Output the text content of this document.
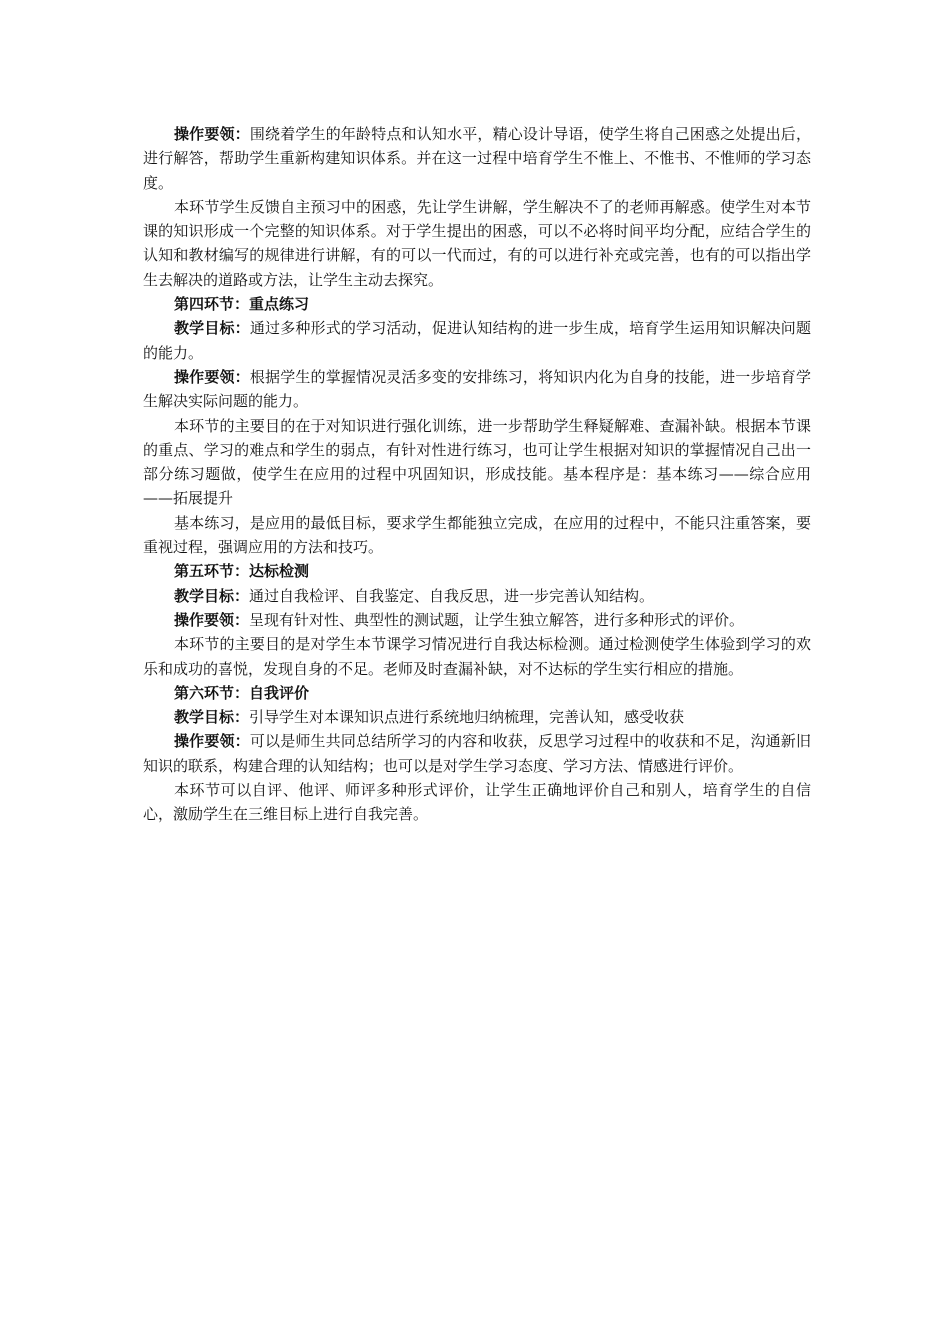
操作要领：围绕着学生的年龄特点和认知水平，精心设计导语，使学生将自己困惑之处提出后，进行解答，帮助学生重新构建知识体系。并在这一过程中培育学生不惟上、不惟书、不惟师的学习态度。

本环节学生反馈自主预习中的困惑，先让学生讲解，学生解决不了的老师再解惑。使学生对本节课的知识形成一个完整的知识体系。对于学生提出的困惑，可以不必将时间平均分配，应结合学生的认知和教材编写的规律进行讲解，有的可以一代而过，有的可以进行补充或完善，也有的可以指出学生去解决的道路或方法，让学生主动去探究。

第四环节：重点练习

教学目标：通过多种形式的学习活动，促进认知结构的进一步生成，培育学生运用知识解决问题的能力。

操作要领：根据学生的掌握情况灵活多变的安排练习，将知识内化为自身的技能，进一步培育学生解决实际问题的能力。

本环节的主要目的在于对知识进行强化训练，进一步帮助学生释疑解难、查漏补缺。根据本节课的重点、学习的难点和学生的弱点，有针对性进行练习，也可让学生根据对知识的掌握情况自己出一部分练习题做，使学生在应用的过程中巩固知识，形成技能。基本程序是：基本练习——综合应用——拓展提升

基本练习，是应用的最低目标，要求学生都能独立完成，在应用的过程中，不能只注重答案，要重视过程，强调应用的方法和技巧。

第五环节：达标检测

教学目标：通过自我检评、自我鉴定、自我反思，进一步完善认知结构。

操作要领：呈现有针对性、典型性的测试题，让学生独立解答，进行多种形式的评价。

本环节的主要目的是对学生本节课学习情况进行自我达标检测。通过检测使学生体验到学习的欢乐和成功的喜悦，发现自身的不足。老师及时查漏补缺，对不达标的学生实行相应的措施。

第六环节：自我评价

教学目标：引导学生对本课知识点进行系统地归纳梳理，完善认知，感受收获

操作要领：可以是师生共同总结所学习的内容和收获，反思学习过程中的收获和不足，沟通新旧知识的联系，构建合理的认知结构；也可以是对学生学习态度、学习方法、情感进行评价。

本环节可以自评、他评、师评多种形式评价，让学生正确地评价自己和别人，培育学生的自信心，激励学生在三维目标上进行自我完善。
